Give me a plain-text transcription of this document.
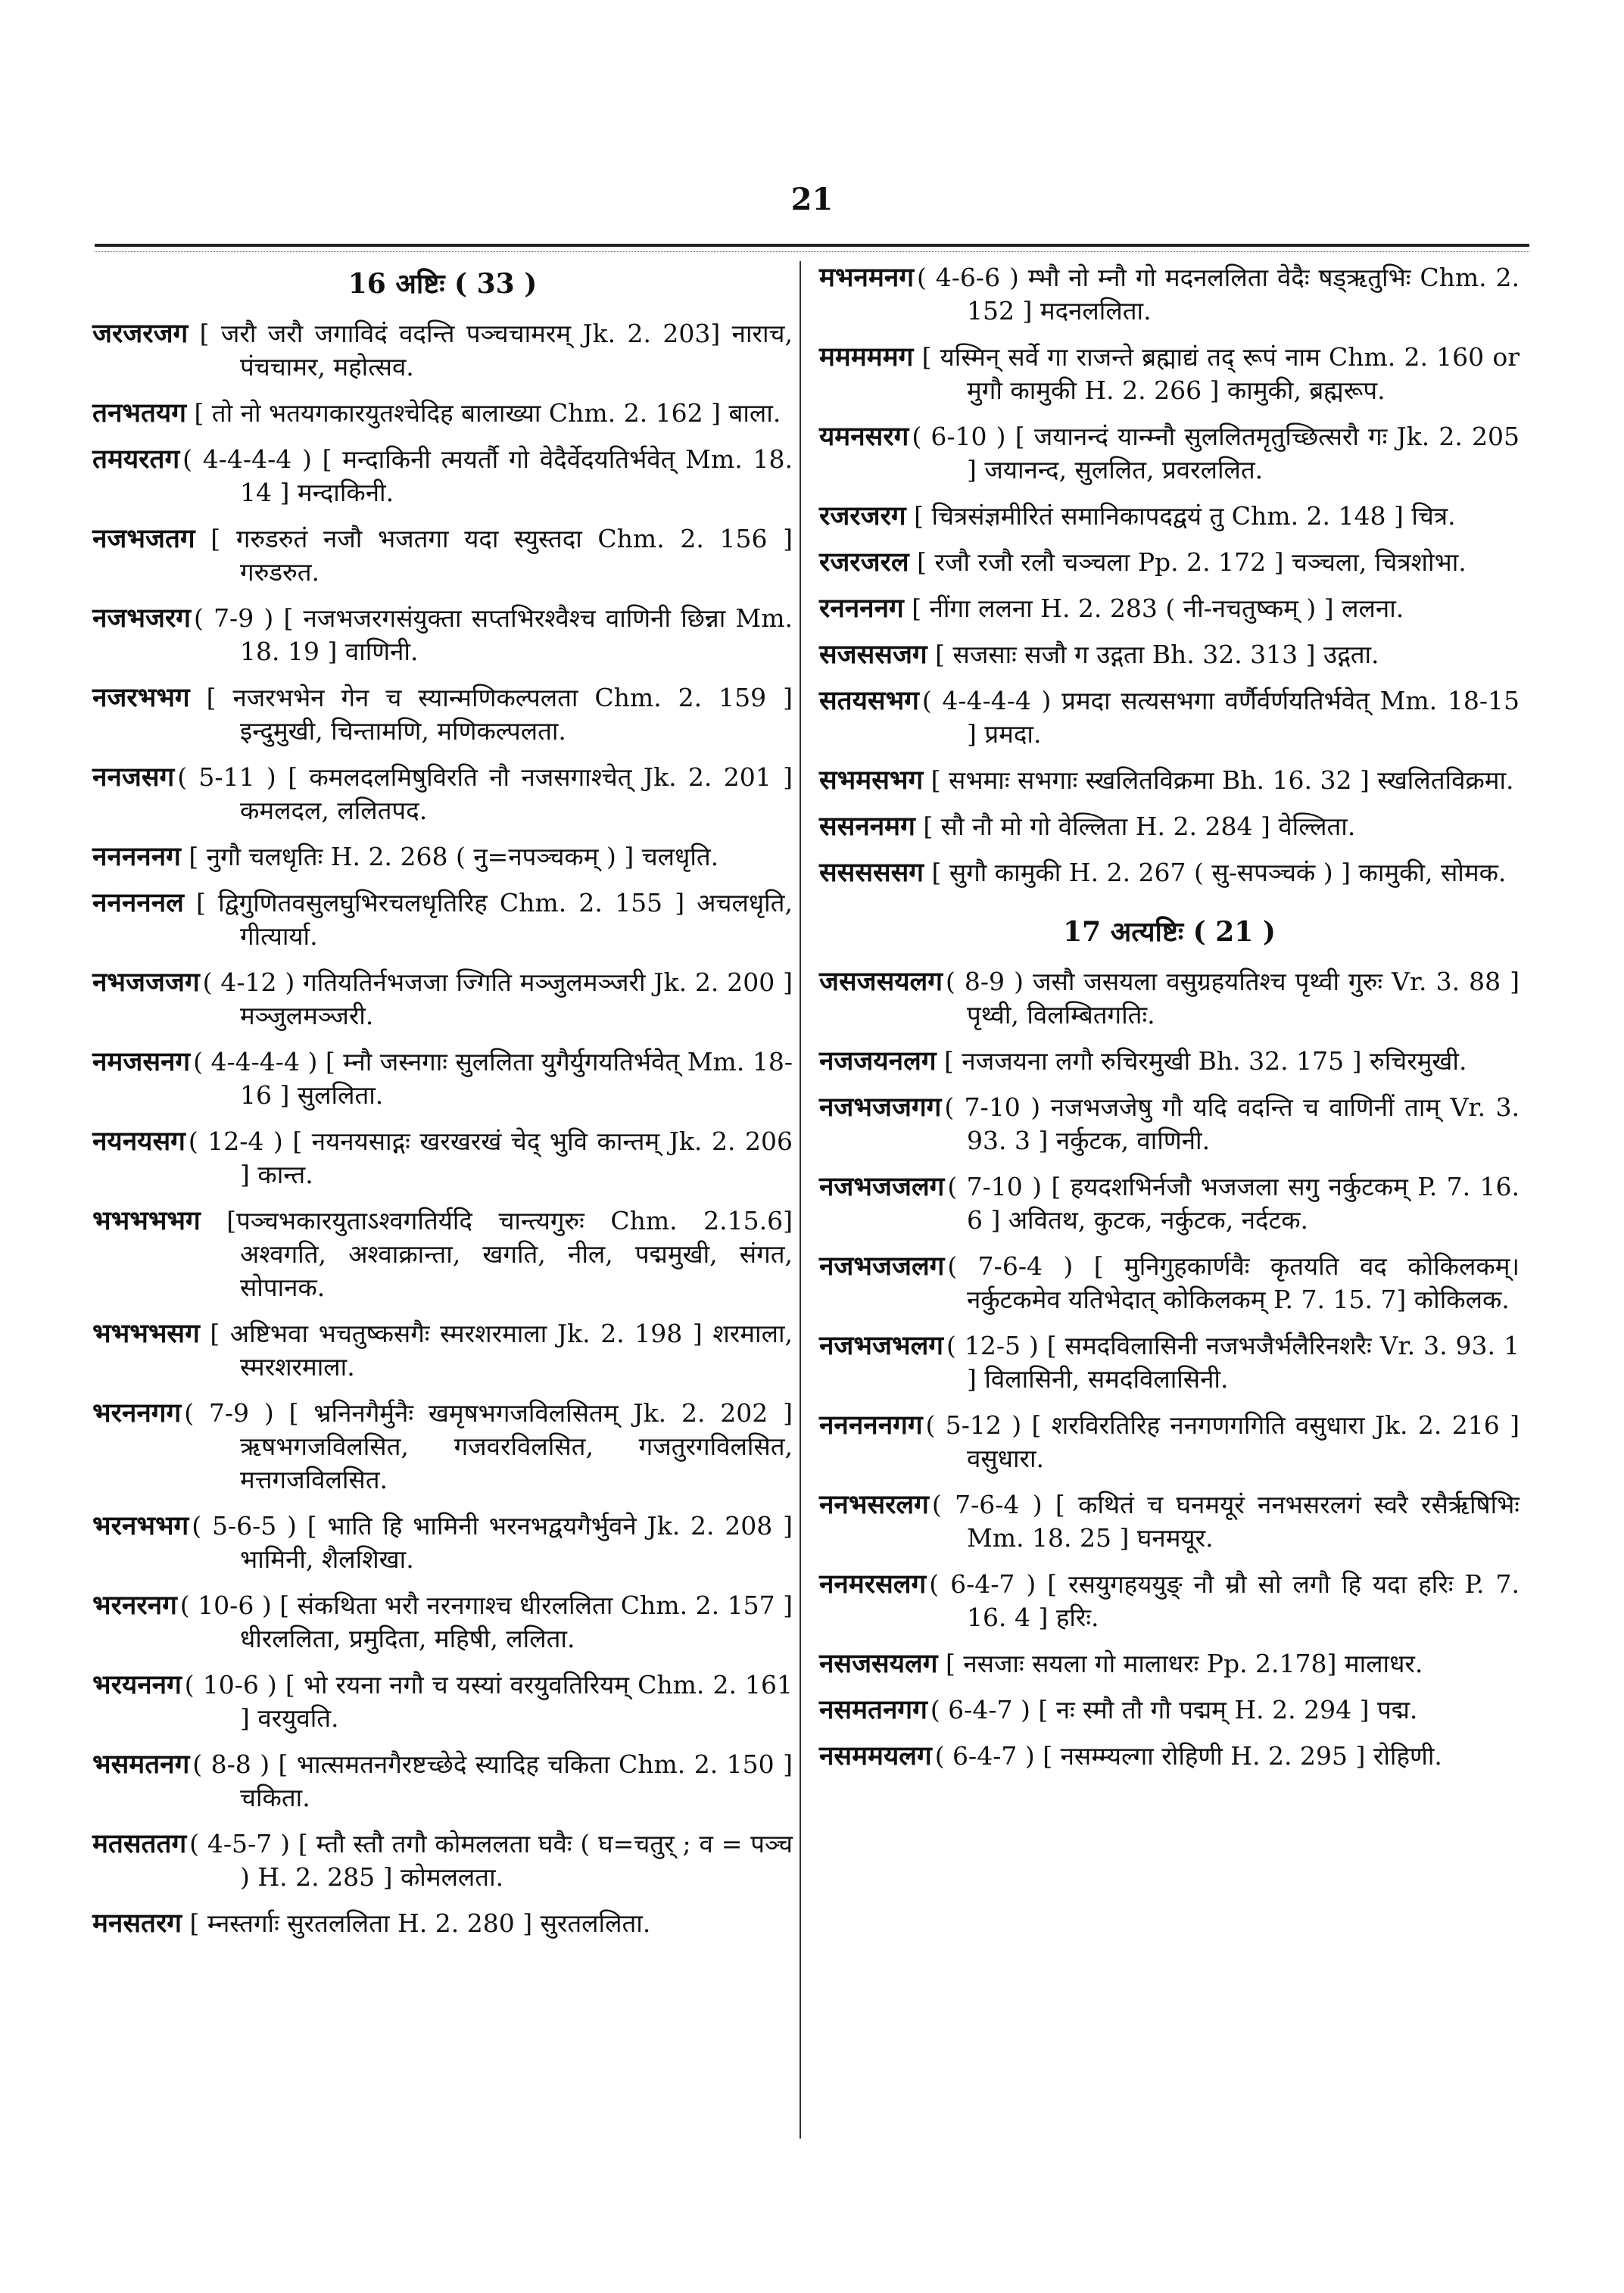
21
16 अष्टिः ( 33 )
जरजरजग [ जरौ जरौ जगाविदं वदन्ति पञ्चचामरम् Jk. 2. 203] नाराच, पंचचामर, महोत्सव.
तनभतयग [ तो नो भतयगकारयुतश्चेदिह बालाख्या Chm. 2. 162 ] बाला.
तमयरतग ( 4-4-4-4 ) [ मन्दाकिनी त्मयर्तौ गो वेदैर्वेदयतिर्भवेत् Mm. 18. 14 ] मन्दाकिनी.
नजभजतग [ गरुडरुतं नजौ भजतगा यदा स्युस्तदा Chm. 2. 156 ] गरुडरुत.
नजभजरग ( 7-9 ) [ नजभजरगसंयुक्ता सप्तभिरश्वैश्च वाणिनी छिन्ना Mm. 18. 19 ] वाणिनी.
नजरभभग [ नजरभभेन गेन च स्यान्मणिकल्पलता Chm. 2. 159 ] इन्दुमुखी, चिन्तामणि, मणिकल्पलता.
ननजसग ( 5-11 ) [ कमलदलमिषुविरति नौ नजसगाश्चेत् Jk. 2. 201 ] कमलदल, ललितपद.
नननननग [ नुगौ चलधृतिः H. 2. 268 ( नु=नपञ्चकम् ) ] चलधृति.
नननननल [ द्विगुणितवसुलघुभिरचलधृतिरिह Chm. 2. 155 ] अचलधृति, गीत्यार्या.
नभजजजग ( 4-12 ) गतियतिर्नभजजा ज्गिति मञ्जुलमञ्जरी Jk. 2. 200 ] मञ्जुलमञ्जरी.
नमजसनग ( 4-4-4-4 ) [ म्नौ जस्नगाः सुललिता युगैर्युगयतिर्भवेत् Mm. 18-16 ] सुललिता.
नयनयसग ( 12-4 ) [ नयनयसाद्गः खरखरखं चेद् भुवि कान्तम् Jk. 2. 206 ] कान्त.
भभभभभग [पञ्चभकारयुताऽश्वगतिर्यदि चान्त्यगुरुः Chm. 2.15.6] अश्वगति, अश्वाक्रान्ता, खगति, नील, पद्ममुखी, संगत, सोपानक.
भभभभसग [ अष्टिभवा भचतुष्कसगैः स्मरशरमाला Jk. 2. 198 ] शरमाला, स्मरशरमाला.
भरननगग ( 7-9 ) [ भ्रनिनगैर्मुनैः खमृषभगजविलसितम् Jk. 2. 202 ] ऋषभगजविलसित, गजवरविलसित, गजतुरगविलसित, मत्तगजविलसित.
भरनभभग ( 5-6-5 ) [ भाति हि भामिनी भरनभद्वयगैर्भुवने Jk. 2. 208 ] भामिनी, शैलशिखा.
भरनरनग ( 10-6 ) [ संकथिता भरौ नरनगाश्च धीरललिता Chm. 2. 157 ] धीरललिता, प्रमुदिता, महिषी, ललिता.
भरयननग ( 10-6 ) [ भो रयना नगौ च यस्यां वरयुवतिरियम् Chm. 2. 161 ] वरयुवति.
भसमतनग ( 8-8 ) [ भात्समतनगैरष्टच्छेदे स्यादिह चकिता Chm. 2. 150 ] चकिता.
मतसततग ( 4-5-7 ) [ म्तौ स्तौ तगौ कोमललता घवैः ( घ=चतुर् ; व = पञ्च ) H. 2. 285 ] कोमललता.
मनसतरग [ म्नस्तर्गाः सुरतललिता H. 2. 280 ] सुरतललिता.
मभनमनग ( 4-6-6 ) म्भौ नो म्नौ गो मदनललिता वेदैः षड्ऋतुभिः Chm. 2. 152 ] मदनललिता.
मममममग [ यस्मिन् सर्वे गा राजन्ते ब्रह्माद्यं तद् रूपं नाम Chm. 2. 160 or मुगौ कामुकी H. 2. 266 ] कामुकी, ब्रह्मरूप.
यमनसरग ( 6-10 ) [ जयानन्दं यान्म्नौ सुललितमृतुच्छित्सरौ गः Jk. 2. 205 ] जयानन्द, सुललित, प्रवरललित.
रजरजरग [ चित्रसंज्ञमीरितं समानिकापदद्वयं तु Chm. 2. 148 ] चित्र.
रजरजरल [ रजौ रजौ रलौ चञ्चला Pp. 2. 172 ] चञ्चला, चित्रशोभा.
रननननग [ नींगा ललना H. 2. 283 ( नी-नचतुष्कम् ) ] ललना.
सजससजग [ सजसाः सजौ ग उद्गता Bh. 32. 313 ] उद्गता.
सतयसभग ( 4-4-4-4 ) प्रमदा सत्यसभगा वर्णैर्वर्णयतिर्भवेत् Mm. 18-15 ] प्रमदा.
सभमसभग [ सभमाः सभगाः स्खलितविक्रमा Bh. 16. 32 ] स्खलितविक्रमा.
ससननमग [ सौ नौ मो गो वेल्लिता H. 2. 284 ] वेल्लिता.
सससससग [ सुगौ कामुकी H. 2. 267 ( सु-सपञ्चकं ) ] कामुकी, सोमक.
17 अत्यष्टिः ( 21 )
जसजसयलग ( 8-9 ) जसौ जसयला वसुग्रहयतिश्च पृथ्वी गुरुः Vr. 3. 88 ] पृथ्वी, विलम्बितगतिः.
नजजयनलग [ नजजयना लगौ रुचिरमुखी Bh. 32. 175 ] रुचिरमुखी.
नजभजजगग ( 7-10 ) नजभजजेषु गौ यदि वदन्ति च वाणिनीं ताम् Vr. 3. 93. 3 ] नर्कुटक, वाणिनी.
नजभजजलग ( 7-10 ) [ हयदशभिर्नजौ भजजला सगु नर्कुटकम् P. 7. 16. 6 ] अवितथ, कुटक, नर्कुटक, नर्दटक.
नजभजजलग ( 7-6-4 ) [ मुनिगुहकार्णवैः कृतयति वद कोकिलकम्। नर्कुटकमेव यतिभेदात् कोकिलकम् P. 7. 15. 7] कोकिलक.
नजभजभलग ( 12-5 ) [ समदविलासिनी नजभजैर्भलैरिनशरैः Vr. 3. 93. 1 ] विलासिनी, समदविलासिनी.
नननननगग ( 5-12 ) [ शरविरतिरिह ननगणगगिति वसुधारा Jk. 2. 216 ] वसुधारा.
ननभसरलग ( 7-6-4 ) [ कथितं च घनमयूरं ननभसरलगं स्वरै रसैर्ऋषिभिः Mm. 18. 25 ] घनमयूर.
ननमरसलग ( 6-4-7 ) [ रसयुगहययुङ् नौ म्रौ सो लगौ हि यदा हरिः P. 7. 16. 4 ] हरिः.
नसजसयलग [ नसजाः सयला गो मालाधरः Pp. 2.178] मालाधर.
नसमतनगग ( 6-4-7 ) [ नः स्मौ तौ गौ पद्मम् H. 2. 294 ] पद्म.
नसममयलग ( 6-4-7 ) [ नसम्म्यल्गा रोहिणी H. 2. 295 ] रोहिणी.
